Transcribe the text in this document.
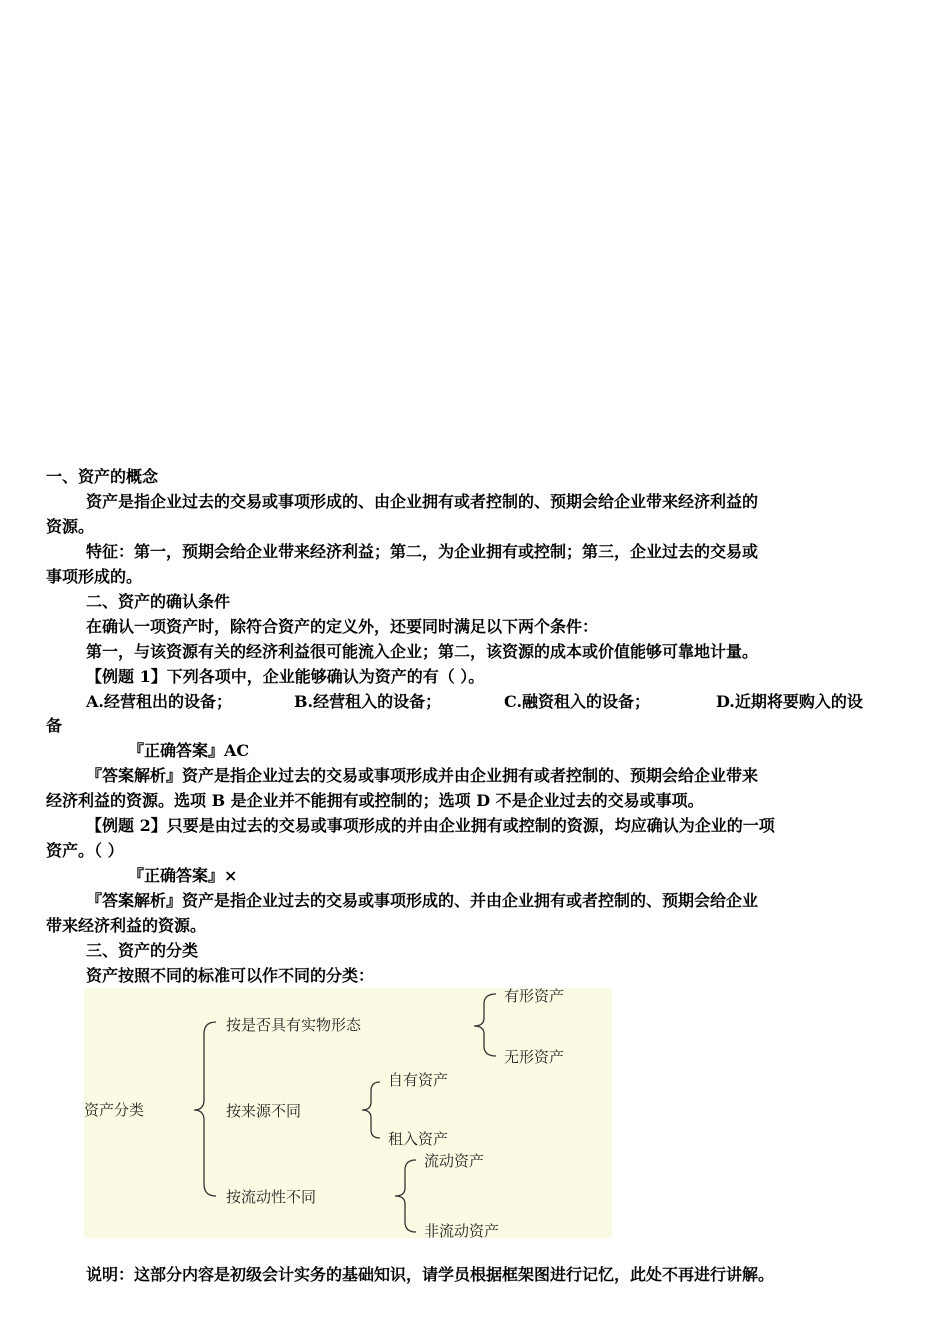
一、资产的概念
资产是指企业过去的交易或事项形成的、由企业拥有或者控制的、预期会给企业带来经济利益的
资源。
特征：第一，预期会给企业带来经济利益；第二，为企业拥有或控制；第三，企业过去的交易或
事项形成的。
二、资产的确认条件
在确认一项资产时，除符合资产的定义外，还要同时满足以下两个条件：
第一，与该资源有关的经济利益很可能流入企业；第二，该资源的成本或价值能够可靠地计量。
【例题 1】下列各项中，企业能够确认为资产的有（ ）。
A.经营租出的设备；	B.经营租入的设备；	C.融资租入的设备；	D.近期将要购入的设
备
『正确答案』AC
『答案解析』资产是指企业过去的交易或事项形成并由企业拥有或者控制的、预期会给企业带来
经济利益的资源。选项 B 是企业并不能拥有或控制的；选项 D 不是企业过去的交易或事项。
【例题 2】只要是由过去的交易或事项形成的并由企业拥有或控制的资源，均应确认为企业的一项
资产。（ ）
『正确答案』×
『答案解析』资产是指企业过去的交易或事项形成的、并由企业拥有或者控制的、预期会给企业
带来经济利益的资源。
三、资产的分类
资产按照不同的标准可以作不同的分类：
资产分类
按是否具有实物形态
按来源不同
按流动性不同
有形资产
无形资产
自有资产
租入资产
流动资产
非流动资产
说明：这部分内容是初级会计实务的基础知识，请学员根据框架图进行记忆，此处不再进行讲解。
